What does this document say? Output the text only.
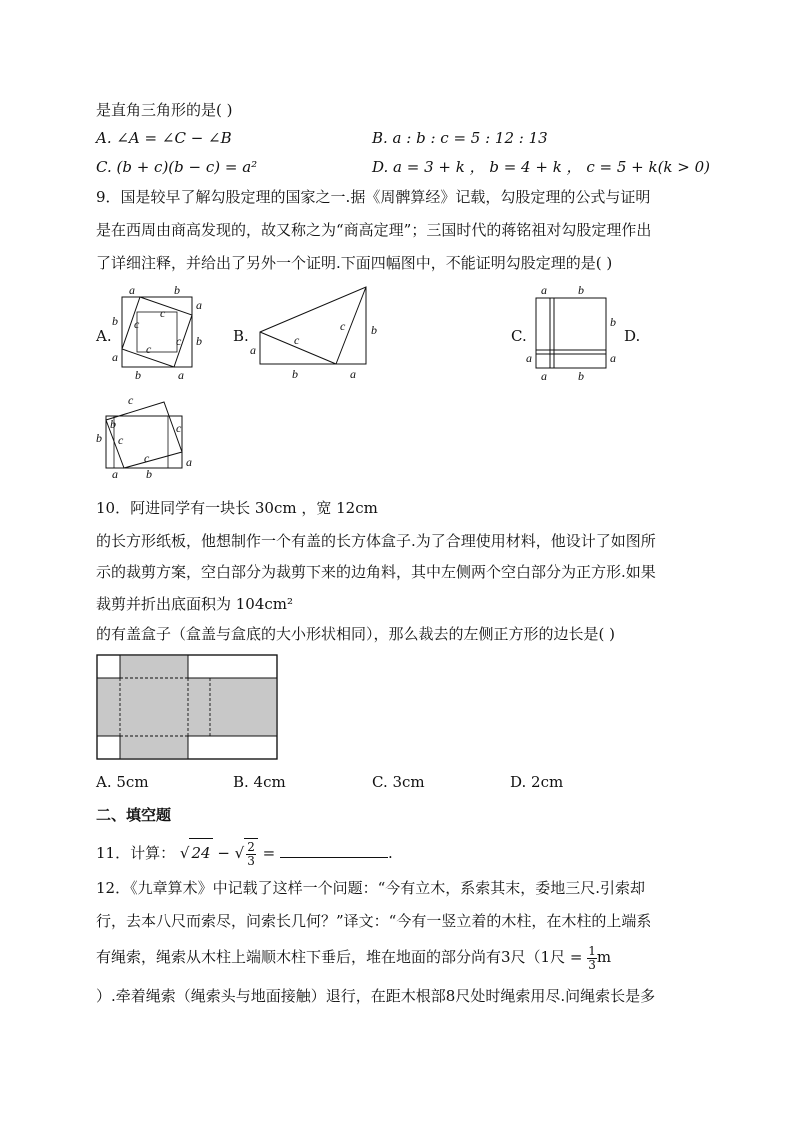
是直角三角形的是( )
A. ∠A = ∠C − ∠B	B. a : b : c = 5 : 12 : 13
C. (b + c)(b − c) = a²	D. a = 3 + k ， b = 4 + k ， c = 5 + k(k > 0)
9．国是较早了解勾股定理的国家之一.据《周髀算经》记载，勾股定理的公式与证明
是在西周由商高发现的，故又称之为“商高定理”；三国时代的蒋铭祖对勾股定理作出
了详细注释，并给出了另外一个证明.下面四幅图中，不能证明勾股定理的是( )
A.
a	b
a
b
a
b
a
b c
c
c
c
B.
a
c
c b
b	a
C.
a	b
b
a
a
a	b
D.
c
c
b c
c
b
a
b
a
10．阿进同学有一块长 30cm ，宽 12cm
的长方形纸板，他想制作一个有盖的长方体盒子.为了合理使用材料，他设计了如图所
示的裁剪方案，空白部分为裁剪下来的边角料，其中左侧两个空白部分为正方形.如果
裁剪并折出底面积为 104cm²
的有盖盒子（盒盖与盒底的大小形状相同），那么裁去的左侧正方形的边长是( )
A. 5cm	B. 4cm	C. 3cm	D. 2cm
二、填空题
11．计算： √ 24 − √ $\frac{2}{3}$ =	.
12．《九章算术》中记载了这样一个问题：“今有立木，系索其末，委地三尺.引索却
行，去本八尺而索尽，问索长几何？”译文：“今有一竖立着的木柱，在木柱的上端系
有绳索，绳索从木柱上端顺木柱下垂后，堆在地面的部分尚有3尺（1尺 = $\frac{1}{3}$ m
）.牵着绳索（绳索头与地面接触）退行，在距木根部8尺处时绳索用尽.问绳索长是多
